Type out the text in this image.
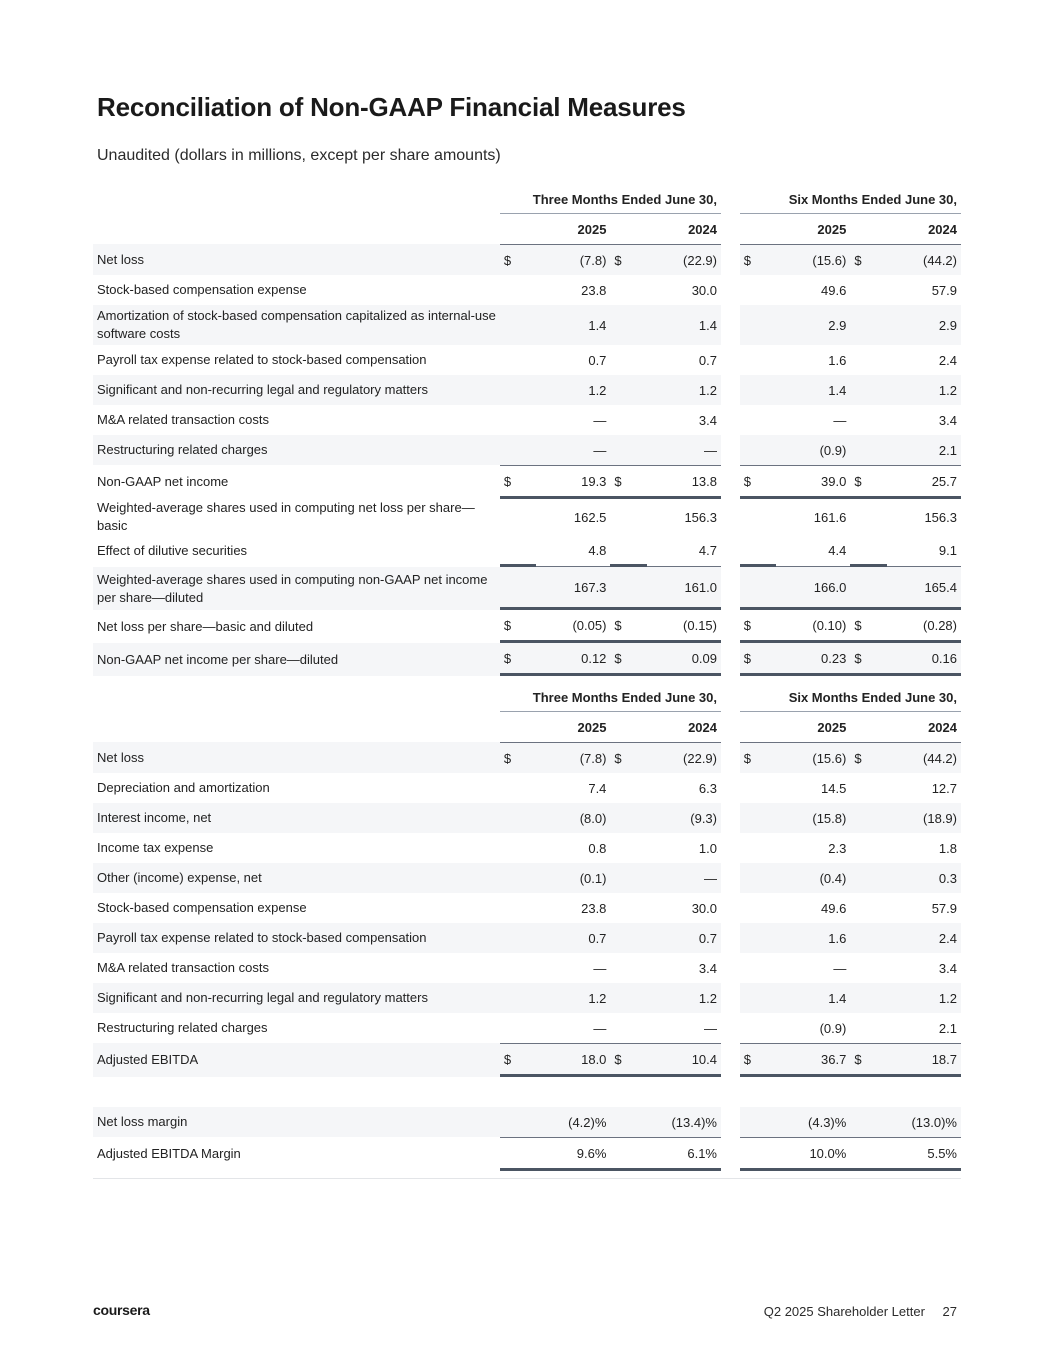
Reconciliation of Non-GAAP Financial Measures

Unaudited (dollars in millions, except per share amounts)

	Three Months Ended June 30,					Six Months Ended June 30,			
	2025		2024			2025		2024	
Net loss	$	(7.8)	$	(22.9)		$	(15.6)	$	(44.2)
Stock-based compensation expense		23.8		30.0			49.6		57.9
Amortization of stock-based compensation capitalized as internal-use software costs		1.4		1.4			2.9		2.9
Payroll tax expense related to stock-based compensation		0.7		0.7			1.6		2.4
Significant and non-recurring legal and regulatory matters		1.2		1.2			1.4		1.2
M&A related transaction costs		—		3.4			—		3.4
Restructuring related charges		—		—			(0.9)		2.1
Non-GAAP net income	$	19.3	$	13.8		$	39.0	$	25.7
Weighted-average shares used in computing net loss per share—basic		162.5		156.3			161.6		156.3
Effect of dilutive securities		4.8		4.7			4.4		9.1
Weighted-average shares used in computing non-GAAP net income per share—diluted		167.3		161.0			166.0		165.4
Net loss per share—basic and diluted	$	(0.05)	$	(0.15)		$	(0.10)	$	(0.28)
Non-GAAP net income per share—diluted	$	0.12	$	0.09		$	0.23	$	0.16
	Three Months Ended June 30,					Six Months Ended June 30,			
	2025		2024			2025		2024	
Net loss	$	(7.8)	$	(22.9)		$	(15.6)	$	(44.2)
Depreciation and amortization		7.4		6.3			14.5		12.7
Interest income, net		(8.0)		(9.3)			(15.8)		(18.9)
Income tax expense		0.8		1.0			2.3		1.8
Other (income) expense, net		(0.1)		—			(0.4)		0.3
Stock-based compensation expense		23.8		30.0			49.6		57.9
Payroll tax expense related to stock-based compensation		0.7		0.7			1.6		2.4
M&A related transaction costs		—		3.4			—		3.4
Significant and non-recurring legal and regulatory matters		1.2		1.2			1.4		1.2
Restructuring related charges		—		—			(0.9)		2.1
Adjusted EBITDA	$	18.0	$	10.4		$	36.7	$	18.7

Net loss margin		(4.2)%		(13.4)%			(4.3)%		(13.0)%
Adjusted EBITDA Margin		9.6%		6.1%			10.0%		5.5%
coursera	Q2 2025 Shareholder Letter 27
